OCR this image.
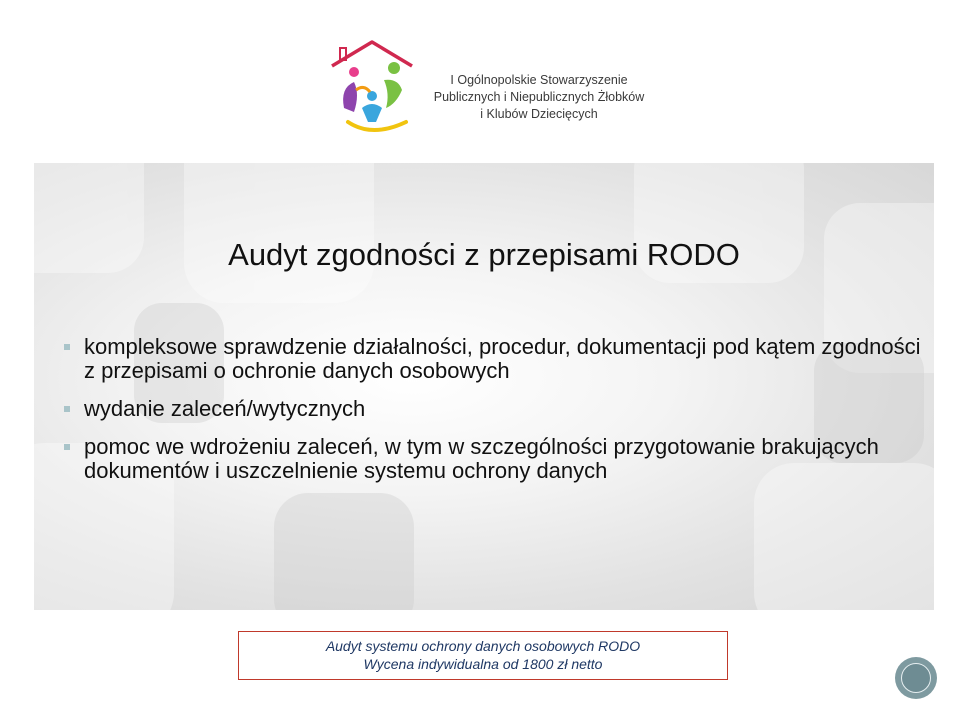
I Ogólnopolskie Stowarzyszenie
Publicznych i Niepublicznych Żłobków
i Klubów Dziecięcych
Audyt zgodności z przepisami RODO
kompleksowe sprawdzenie działalności, procedur, dokumentacji pod kątem zgodności z przepisami o ochronie danych osobowych
wydanie zaleceń/wytycznych
pomoc we wdrożeniu zaleceń, w tym w szczególności przygotowanie brakujących dokumentów i uszczelnienie systemu ochrony danych
Audyt systemu ochrony danych osobowych RODO
Wycena indywidualna od 1800 zł netto
